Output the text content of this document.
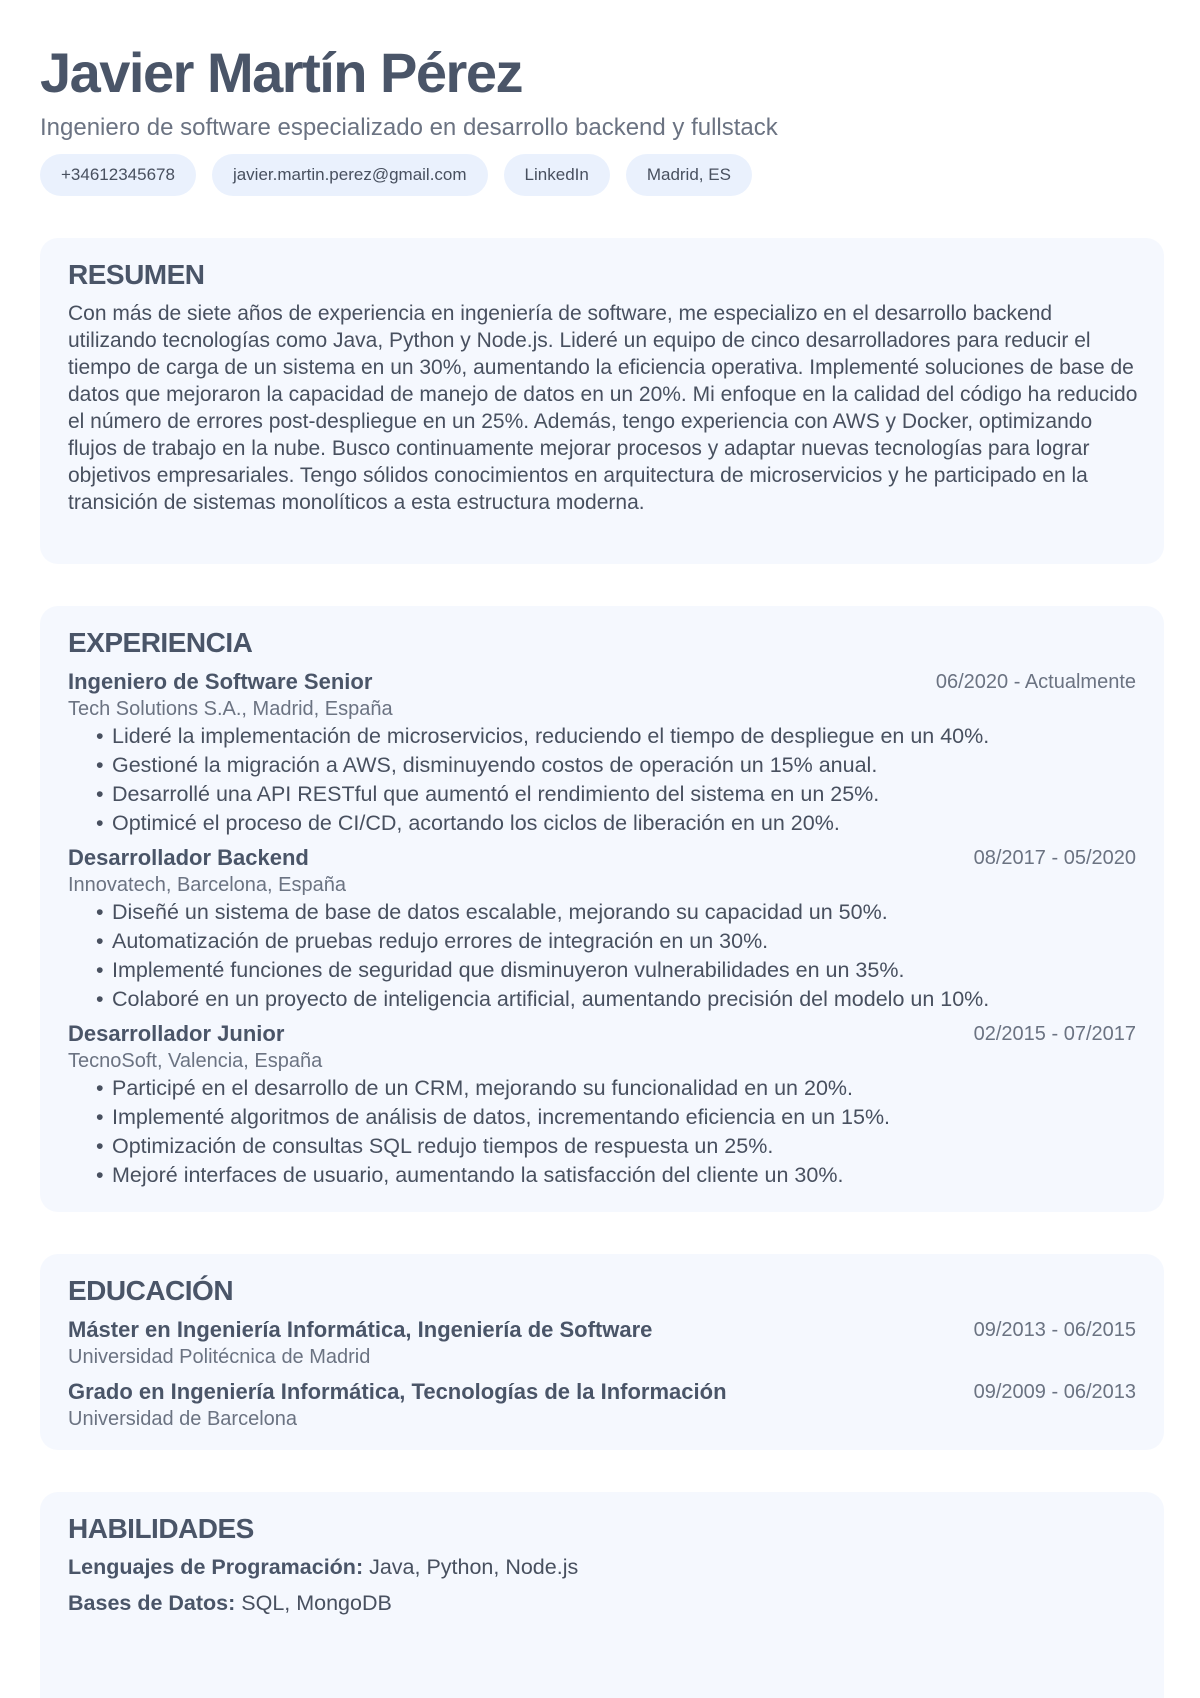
Javier Martín Pérez
Ingeniero de software especializado en desarrollo backend y fullstack
+34612345678	javier.martin.perez@gmail.com	LinkedIn	Madrid, ES
RESUMEN

Con más de siete años de experiencia en ingeniería de software, me especializo en el desarrollo backend utilizando tecnologías como Java, Python y Node.js. Lideré un equipo de cinco desarrolladores para reducir el tiempo de carga de un sistema en un 30%, aumentando la eficiencia operativa. Implementé soluciones de base de datos que mejoraron la capacidad de manejo de datos en un 20%. Mi enfoque en la calidad del código ha reducido el número de errores post-despliegue en un 25%. Además, tengo experiencia con AWS y Docker, optimizando flujos de trabajo en la nube. Busco continuamente mejorar procesos y adaptar nuevas tecnologías para lograr objetivos empresariales. Tengo sólidos conocimientos en arquitectura de microservicios y he participado en la transición de sistemas monolíticos a esta estructura moderna.

EXPERIENCIA
Ingeniero de Software Senior	06/2020 - Actualmente
Tech Solutions S.A., Madrid, España
• Lideré la implementación de microservicios, reduciendo el tiempo de despliegue en un 40%.
• Gestioné la migración a AWS, disminuyendo costos de operación un 15% anual.
• Desarrollé una API RESTful que aumentó el rendimiento del sistema en un 25%.
• Optimicé el proceso de CI/CD, acortando los ciclos de liberación en un 20%.
Desarrollador Backend	08/2017 - 05/2020
Innovatech, Barcelona, España
• Diseñé un sistema de base de datos escalable, mejorando su capacidad un 50%.
• Automatización de pruebas redujo errores de integración en un 30%.
• Implementé funciones de seguridad que disminuyeron vulnerabilidades en un 35%.
• Colaboré en un proyecto de inteligencia artificial, aumentando precisión del modelo un 10%.
Desarrollador Junior	02/2015 - 07/2017
TecnoSoft, Valencia, España
• Participé en el desarrollo de un CRM, mejorando su funcionalidad en un 20%.
• Implementé algoritmos de análisis de datos, incrementando eficiencia en un 15%.
• Optimización de consultas SQL redujo tiempos de respuesta un 25%.
• Mejoré interfaces de usuario, aumentando la satisfacción del cliente un 30%.
EDUCACIÓN
Máster en Ingeniería Informática, Ingeniería de Software	09/2013 - 06/2015
Universidad Politécnica de Madrid
Grado en Ingeniería Informática, Tecnologías de la Información	09/2009 - 06/2013
Universidad de Barcelona
HABILIDADES
Lenguajes de Programación: Java, Python, Node.js
Bases de Datos: SQL, MongoDB
